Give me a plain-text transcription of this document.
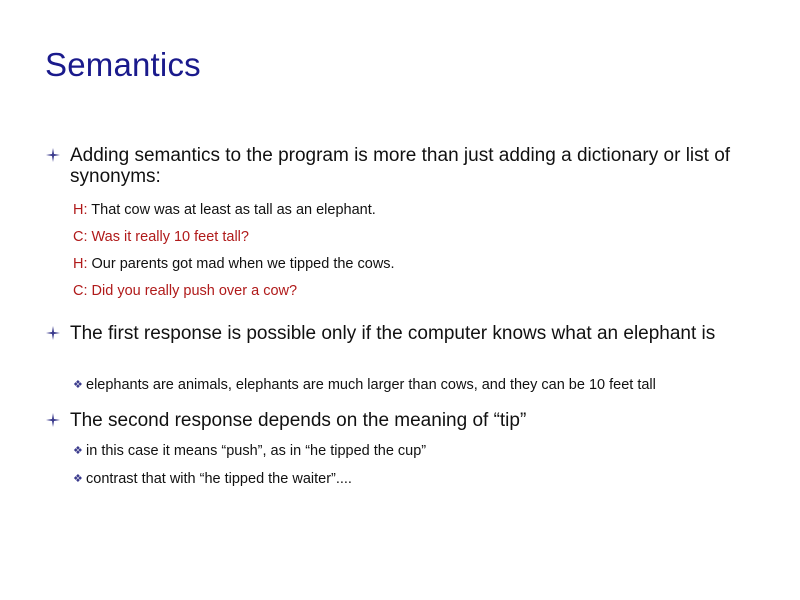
Semantics
Adding semantics to the program is more than just adding a dictionary or list of synonyms:
H: That cow was at least as tall as an elephant.
C: Was it really 10 feet tall?
H: Our parents got mad when we tipped the cows.
C: Did you really push over a cow?
The first response is possible only if the computer knows what an elephant is
❖ elephants are animals, elephants are much larger than cows, and they can be 10 feet tall
The second response depends on the meaning of “tip”
❖ in this case it means “push”, as in “he tipped the cup”
❖ contrast that with “he tipped the waiter”....
